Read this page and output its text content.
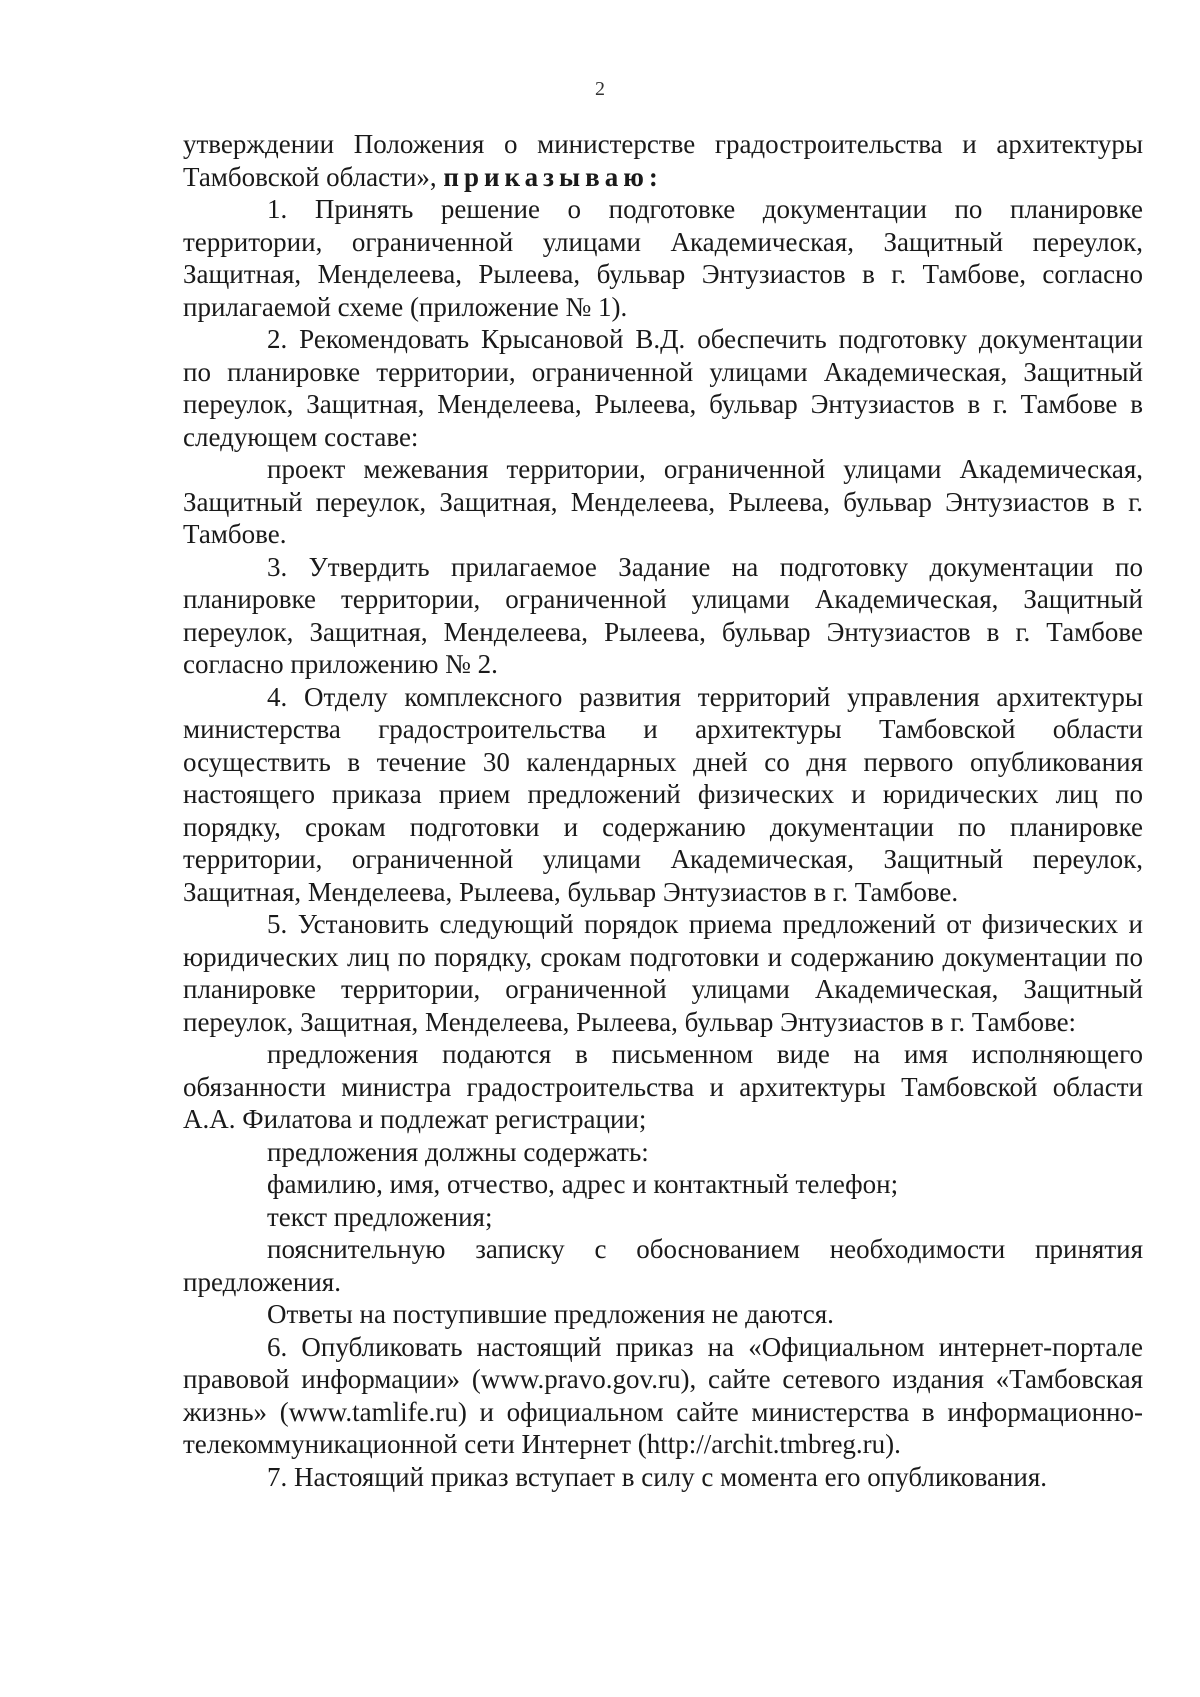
2

утверждении Положения о министерстве градостроительства и архитектуры Тамбовской области», приказываю:

1. Принять решение о подготовке документации по планировке территории, ограниченной улицами Академическая, Защитный переулок, Защитная, Менделеева, Рылеева, бульвар Энтузиастов в г. Тамбове, согласно прилагаемой схеме (приложение № 1).

2. Рекомендовать Крысановой В.Д. обеспечить подготовку документации по планировке территории, ограниченной улицами Академическая, Защитный переулок, Защитная, Менделеева, Рылеева, бульвар Энтузиастов в г. Тамбове в следующем составе:

проект межевания территории, ограниченной улицами Академическая, Защитный переулок, Защитная, Менделеева, Рылеева, бульвар Энтузиастов в г. Тамбове.

3. Утвердить прилагаемое Задание на подготовку документации по планировке территории, ограниченной улицами Академическая, Защитный переулок, Защитная, Менделеева, Рылеева, бульвар Энтузиастов в г. Тамбове согласно приложению № 2.

4. Отделу комплексного развития территорий управления архитектуры министерства градостроительства и архитектуры Тамбовской области осуществить в течение 30 календарных дней со дня первого опубликования настоящего приказа прием предложений физических и юридических лиц по порядку, срокам подготовки и содержанию документации по планировке территории, ограниченной улицами Академическая, Защитный переулок, Защитная, Менделеева, Рылеева, бульвар Энтузиастов в г. Тамбове.

5. Установить следующий порядок приема предложений от физических и юридических лиц по порядку, срокам подготовки и содержанию документации по планировке территории, ограниченной улицами Академическая, Защитный переулок, Защитная, Менделеева, Рылеева, бульвар Энтузиастов в г. Тамбове:

предложения подаются в письменном виде на имя исполняющего обязанности министра градостроительства и архитектуры Тамбовской области А.А. Филатова и подлежат регистрации;

предложения должны содержать:

фамилию, имя, отчество, адрес и контактный телефон;

текст предложения;

пояснительную записку с обоснованием необходимости принятия предложения.

Ответы на поступившие предложения не даются.

6. Опубликовать настоящий приказ на «Официальном интернет-портале правовой информации» (www.pravo.gov.ru), сайте сетевого издания «Тамбовская жизнь» (www.tamlife.ru) и официальном сайте министерства в информационно-телекоммуникационной сети Интернет (http://archit.tmbreg.ru).

7. Настоящий приказ вступает в силу с момента его опубликования.
